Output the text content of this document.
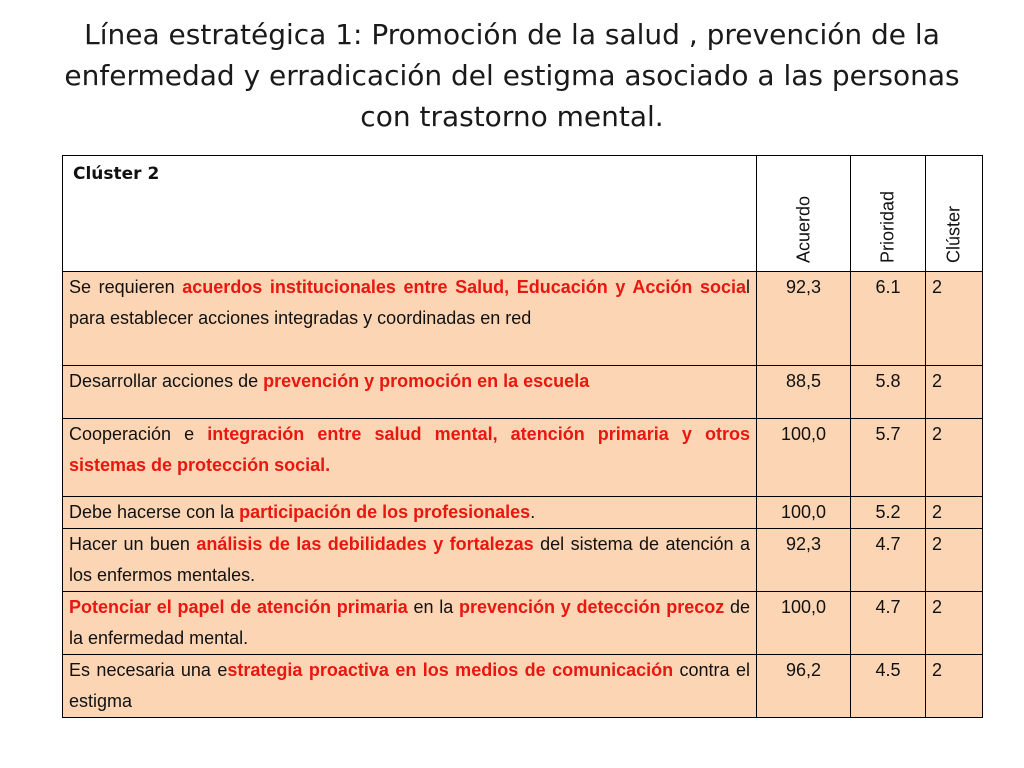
Línea estratégica 1: Promoción de la salud , prevención de la
enfermedad y erradicación del estigma asociado a las personas
con trastorno mental.
Clúster 2	Acuerdo	Prioridad	Clúster

Se requieren acuerdos institucionales entre Salud, Educación y Acción social para establecer acciones integradas y coordinadas en red	92,3	6.1	2
Desarrollar acciones de prevención y promoción en la escuela	88,5	5.8	2
Cooperación e integración entre salud mental, atención primaria y otros sistemas de protección social.	100,0	5.7	2
Debe hacerse con la participación de los profesionales.	100,0	5.2	2
Hacer un buen análisis de las debilidades y fortalezas del sistema de atención a los enfermos mentales.	92,3	4.7	2
Potenciar el papel de atención primaria en la prevención y detección precoz de la enfermedad mental.	100,0	4.7	2
Es necesaria una estrategia proactiva en los medios de comunicación contra el estigma	96,2	4.5	2
